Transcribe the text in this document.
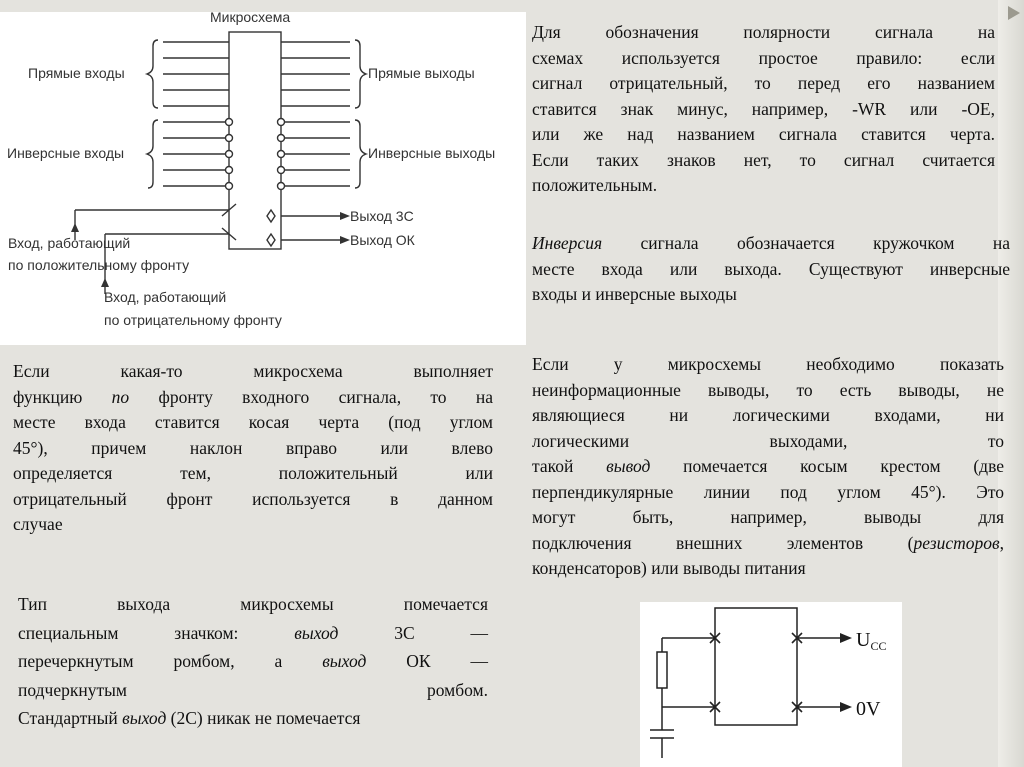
Микросхема
Прямые входы	Прямые выходы
Инверсные входы	Инверсные выходы
Выход 3С
Выход ОК
Вход, работающий
по положительному фронту
Вход, работающий
по отрицательному фронту

Для обозначения полярности сигнала на

схемах используется простое правило: если

сигнал отрицательный, то перед его названием

ставится знак минус, например, -WR или -OE,

или же над названием сигнала ставится черта.

Если таких знаков нет, то сигнал считается

положительным.

Инверсия сигнала обозначается кружочком на

месте входа или выхода. Существуют инверсные

входы и инверсные выходы

Если какая-то микросхема выполняет

функцию по фронту входного сигнала, то на

месте входа ставится косая черта (под углом

45°), причем наклон вправо или влево

определяется тем, положительный или

отрицательный фронт используется в данном

случае

Если у микросхемы необходимо показать

неинформационные выводы, то есть выводы, не

являющиеся ни логическими входами, ни

логическими выходами, то

такой вывод помечается косым крестом (две

перпендикулярные линии под углом 45°). Это

могут быть, например, выводы для

подключения внешних элементов (резисторов,

конденсаторов) или выводы питания

Тип выхода микросхемы помечается

специальным значком: выход 3С —

перечеркнутым ромбом, а выход ОК —

подчеркнутым ромбом.

Стандартный выход (2С) никак не помечается

$U_{CC}$
0V
